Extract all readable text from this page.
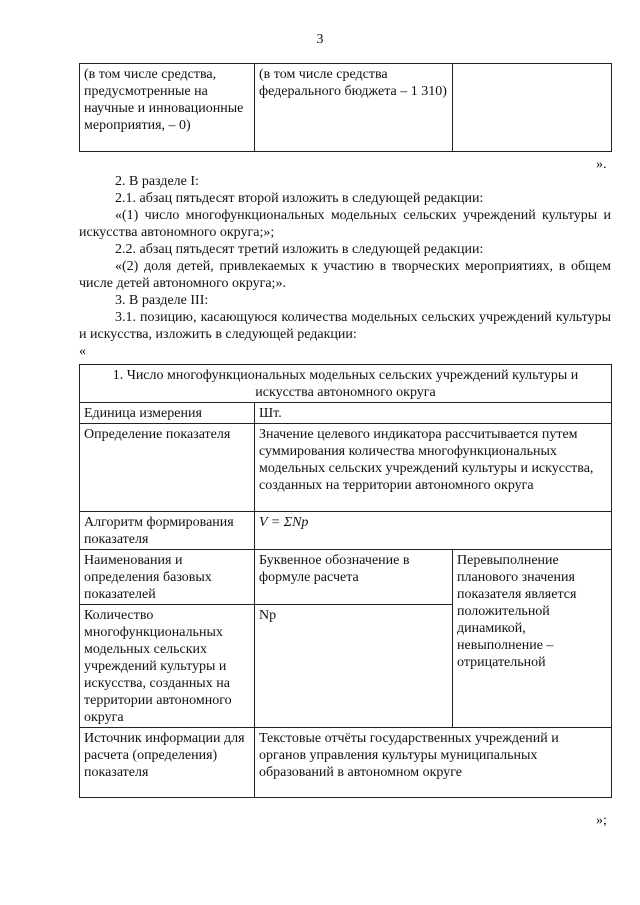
3
(в том числе средства, предусмотренные на научные и инновационные мероприятия, – 0)	(в том числе средства федерального бюджета – 1 310)	
».
2. В разделе I:
2.1. абзац пятьдесят второй изложить в следующей редакции:
«(1) число многофункциональных модельных сельских учреждений культуры и искусства автономного округа;»;
2.2. абзац пятьдесят третий изложить в следующей редакции:
«(2) доля детей, привлекаемых к участию в творческих мероприятиях, в общем числе детей автономного округа;».
3. В разделе III:
3.1. позицию, касающуюся количества модельных сельских учреждений культуры и искусства, изложить в следующей редакции:
«
1. Число многофункциональных модельных сельских учреждений культуры и искусства автономного округа		
Единица измерения	Шт.	
Определение показателя	Значение целевого индикатора рассчитывается путем суммирования количества многофункциональных модельных сельских учреждений культуры и искусства, созданных на территории автономного округа	
Алгоритм формирования показателя	V = ΣNp	
Наименования и определения базовых показателей	Буквенное обозначение в формуле расчета	Перевыполнение планового значения показателя является положительной динамикой, невыполнение – отрицательной
Количество многофункциональных модельных сельских учреждений культуры и искусства, созданных на территории автономного округа	Np	
Источник информации для расчета (определения) показателя	Текстовые отчёты государственных учреждений и органов управления культуры муниципальных образований в автономном округе	
»;
